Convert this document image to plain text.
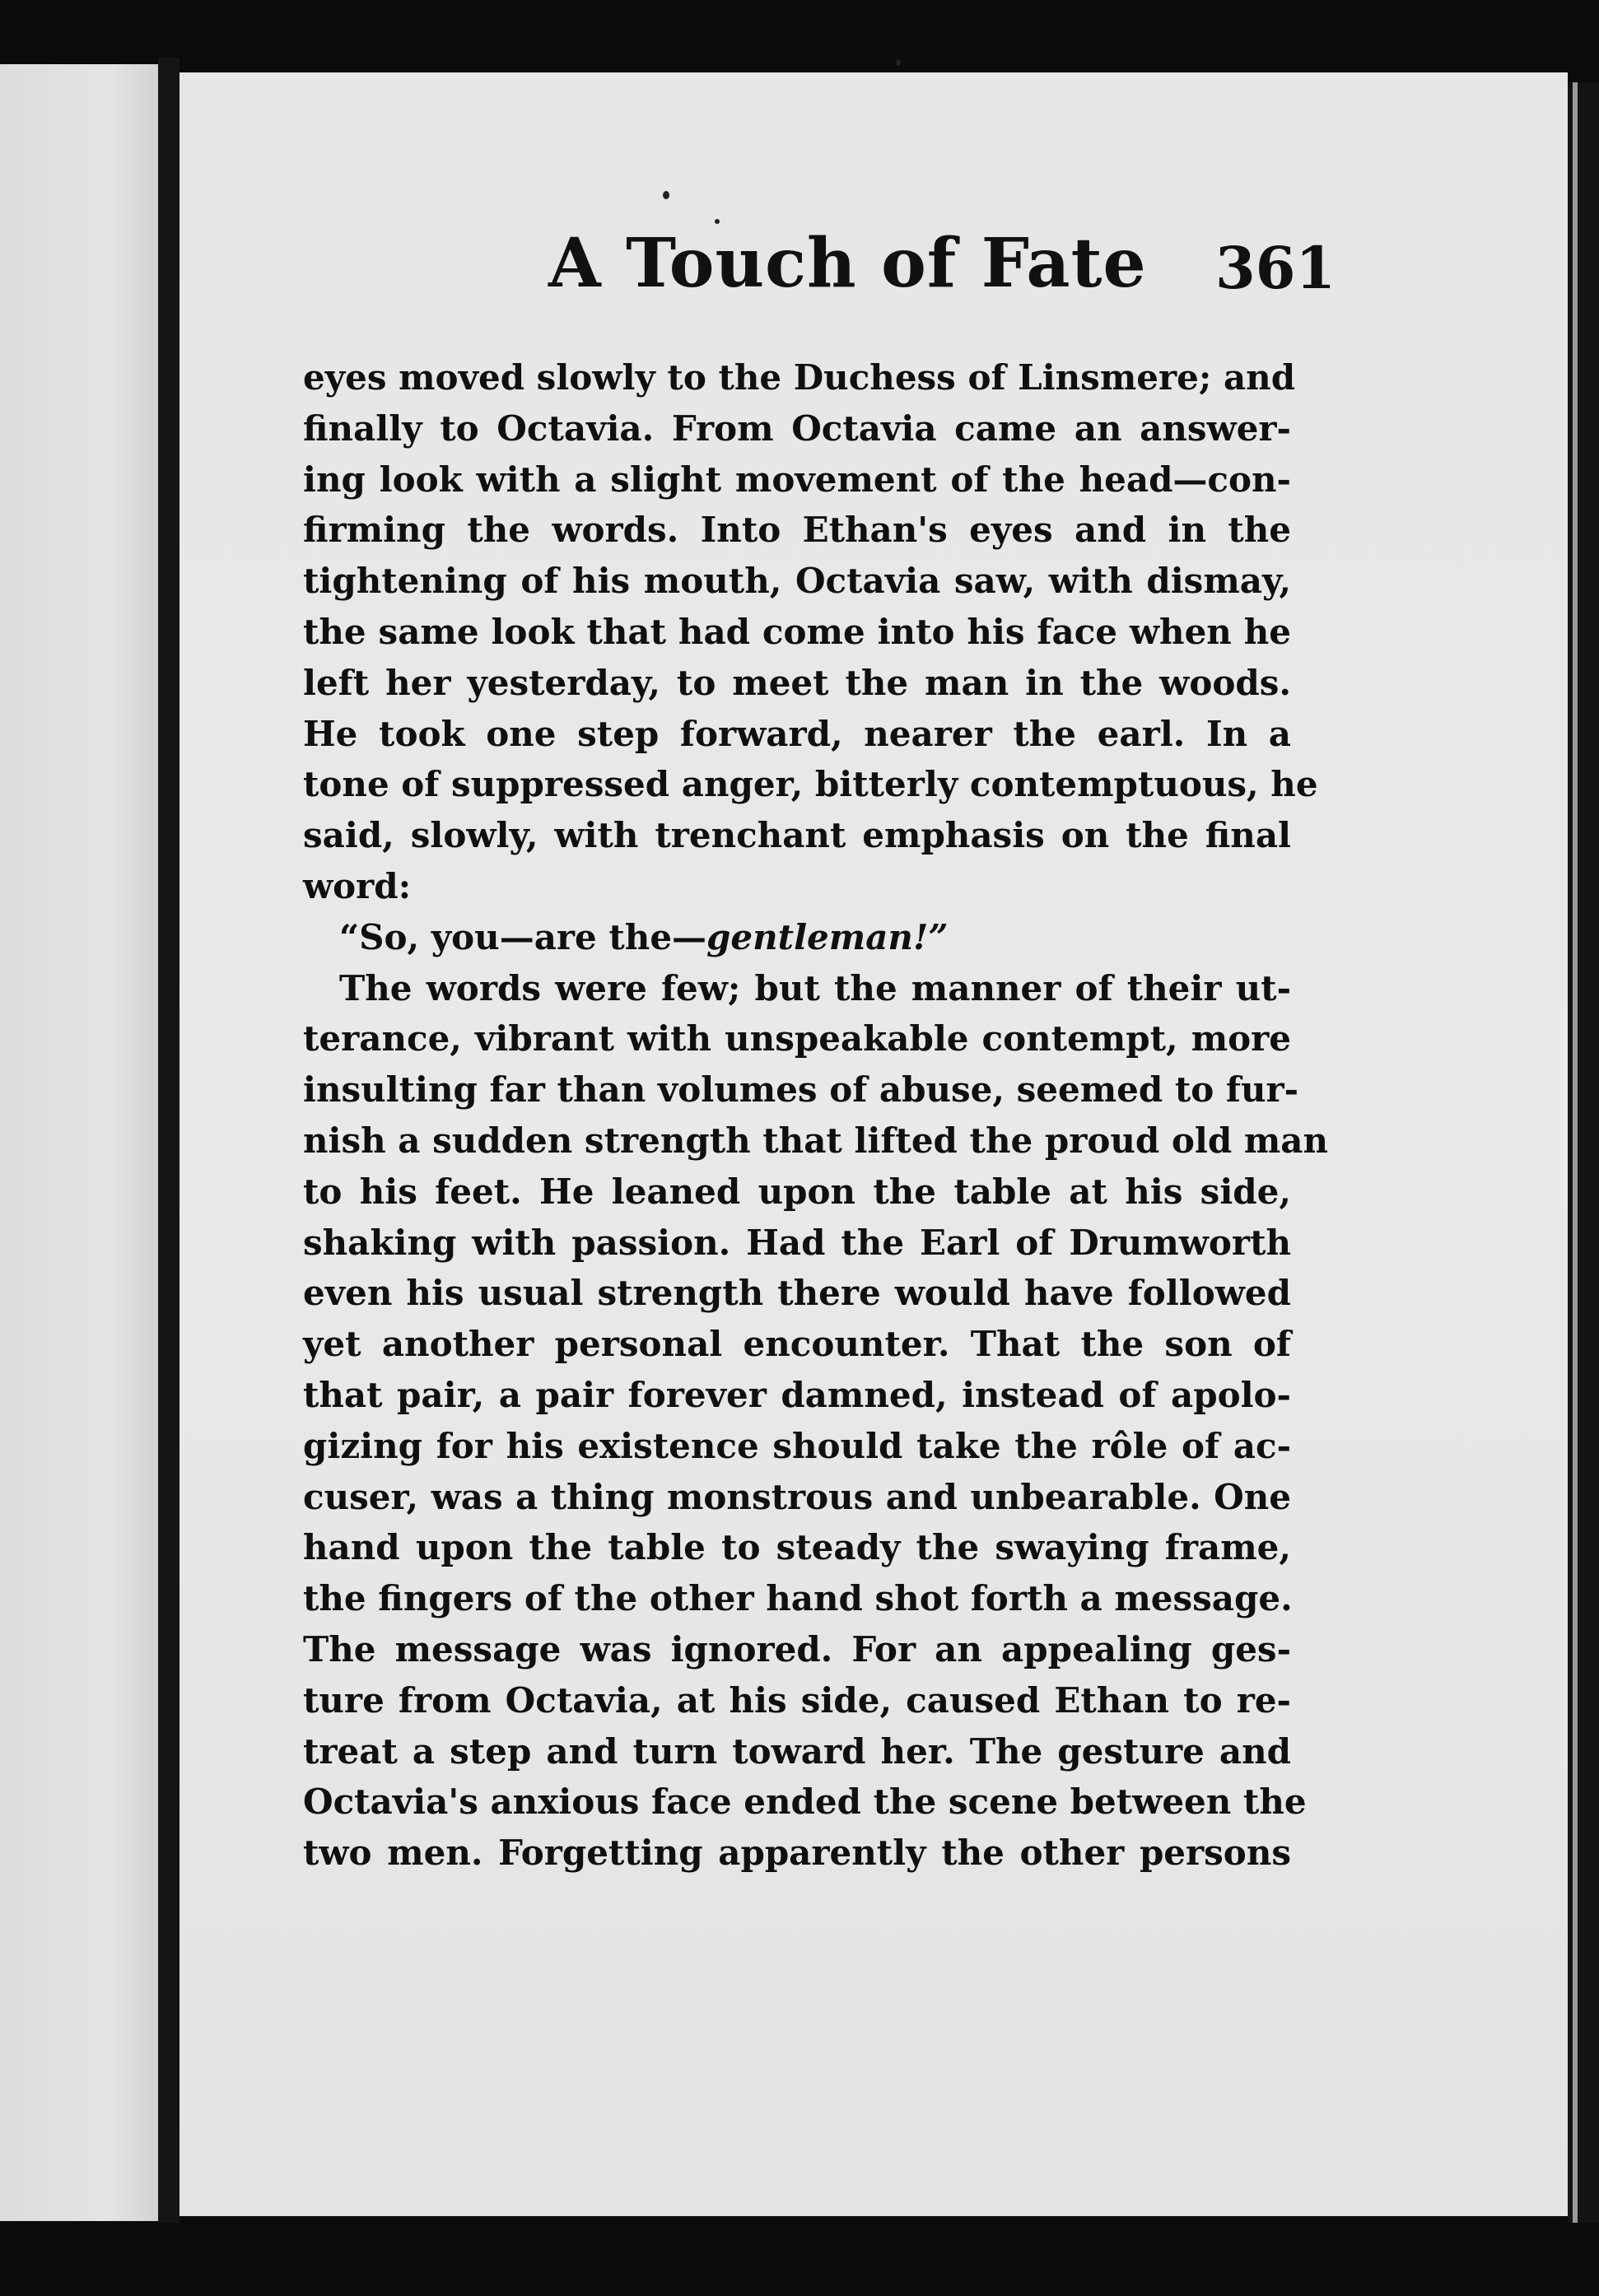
A Touch of Fate 361
eyes moved slowly to the Duchess of Linsmere; and
finally to Octavia. From Octavia came an answer-
ing look with a slight movement of the head—con-
firming the words. Into Ethan's eyes and in the
tightening of his mouth, Octavia saw, with dismay,
the same look that had come into his face when he
left her yesterday, to meet the man in the woods.
He took one step forward, nearer the earl. In a
tone of suppressed anger, bitterly contemptuous, he
said, slowly, with trenchant emphasis on the final
word:
“So, you—are the—gentleman!”
The words were few; but the manner of their ut-
terance, vibrant with unspeakable contempt, more
insulting far than volumes of abuse, seemed to fur-
nish a sudden strength that lifted the proud old man
to his feet. He leaned upon the table at his side,
shaking with passion. Had the Earl of Drumworth
even his usual strength there would have followed
yet another personal encounter. That the son of
that pair, a pair forever damned, instead of apolo-
gizing for his existence should take the rôle of ac-
cuser, was a thing monstrous and unbearable. One
hand upon the table to steady the swaying frame,
the fingers of the other hand shot forth a message.
The message was ignored. For an appealing ges-
ture from Octavia, at his side, caused Ethan to re-
treat a step and turn toward her. The gesture and
Octavia's anxious face ended the scene between the
two men. Forgetting apparently the other persons
